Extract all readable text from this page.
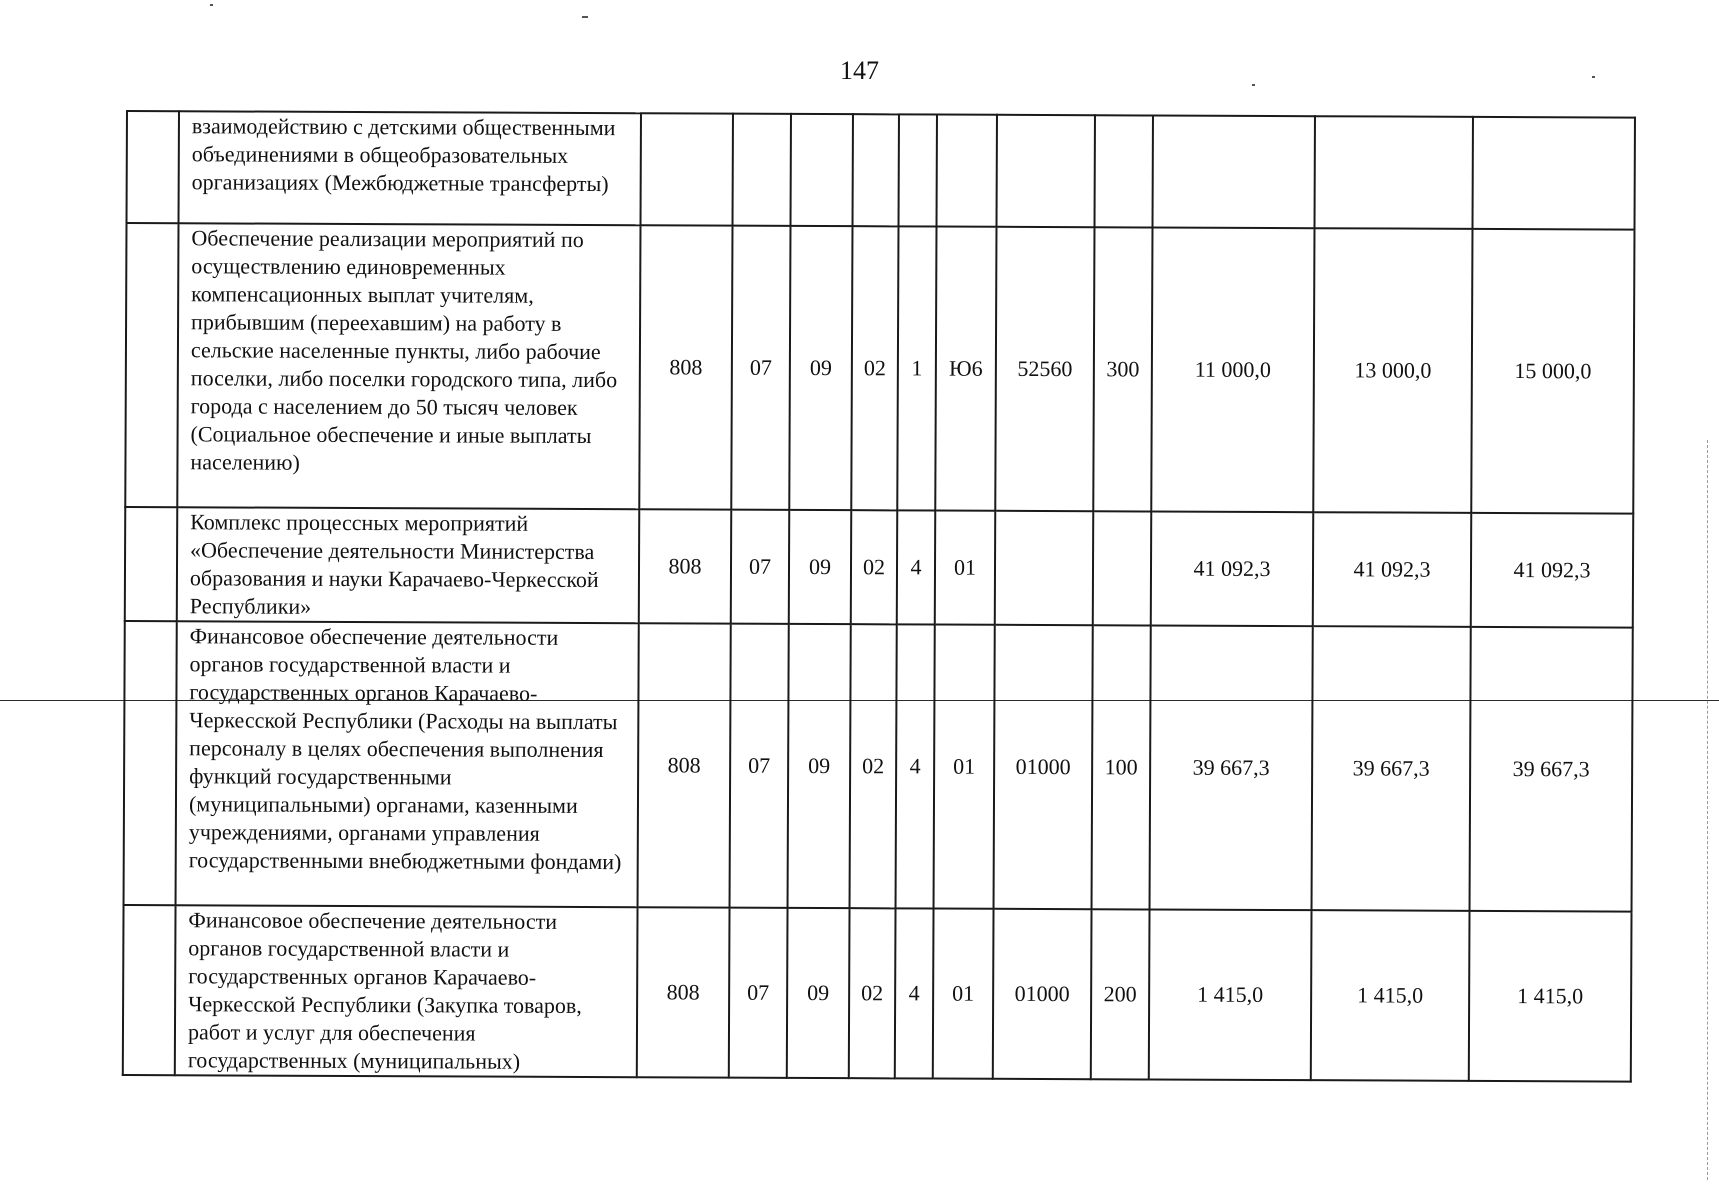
147
	взаимодействию с детскими общественными объединениями в общеобразовательных организациях (Межбюджетные трансферты)											
	Обеспечение реализации мероприятий по осуществлению единовременных компенсационных выплат учителям, прибывшим (переехавшим) на работу в сельские населенные пункты, либо рабочие поселки, либо поселки городского типа, либо города с населением до 50 тысяч человек (Социальное обеспечение и иные выплаты населению)	808	07	09	02	1	Ю6	52560	300	11 000,0	13 000,0	15 000,0
	Комплекс процессных мероприятий «Обеспечение деятельности Министерства образования и науки Карачаево-Черкесской Республики»	808	07	09	02	4	01			41 092,3	41 092,3	41 092,3
	Финансовое обеспечение деятельности органов государственной власти и государственных органов Карачаево-Черкесской Республики (Расходы на выплаты персоналу в целях обеспечения выполнения функций государственными (муниципальными) органами, казенными учреждениями, органами управления государственными внебюджетными фондами)	808	07	09	02	4	01	01000	100	39 667,3	39 667,3	39 667,3
	Финансовое обеспечение деятельности органов государственной власти и государственных органов Карачаево-Черкесской Республики (Закупка товаров, работ и услуг для обеспечения государственных (муниципальных)	808	07	09	02	4	01	01000	200	1 415,0	1 415,0	1 415,0
